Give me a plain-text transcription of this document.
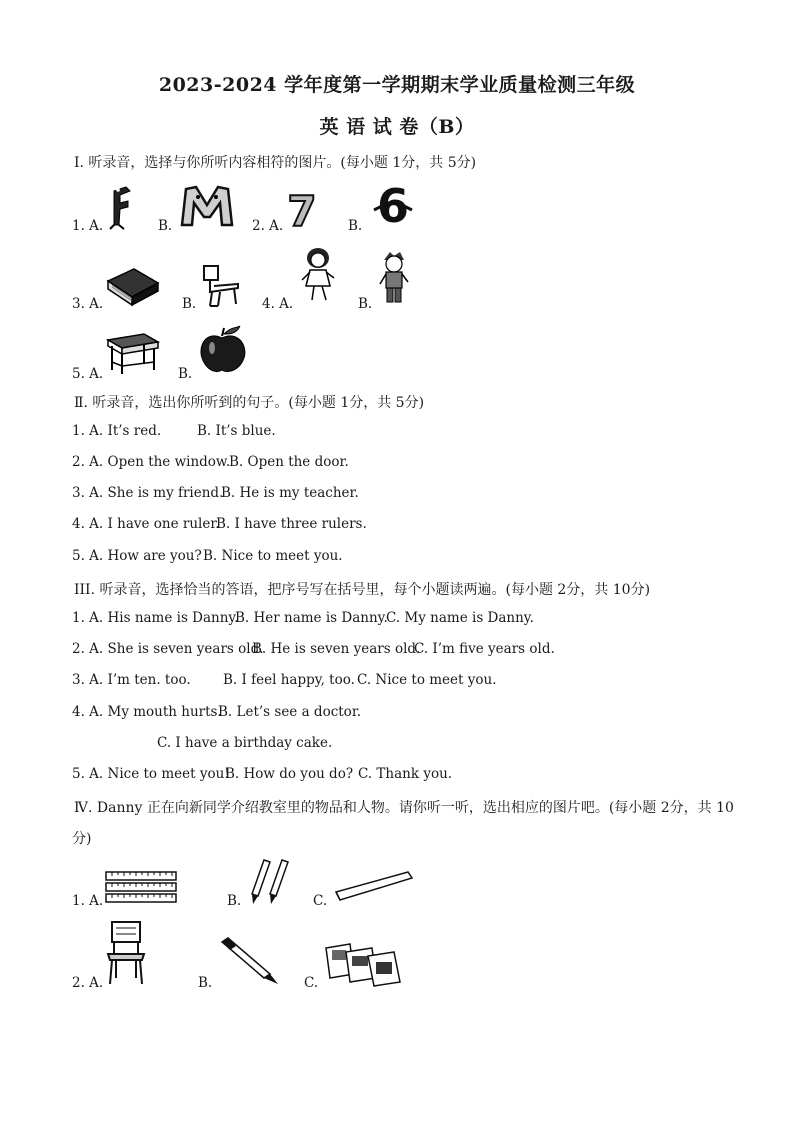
2023-2024 学年度第一学期期末学业质量检测三年级
英 语 试 卷（B）
Ⅰ. 听录音，选择与你所听内容相符的图片。(每小题 1分，共 5分)
1. A.	B.	2. A. 7 B. 6
3. A.	B.	4. A.	B.
5. A.	B.
Ⅱ. 听录音，选出你所听到的句子。(每小题 1分，共 5分)
1. A. It’s red.	B. It’s blue.
2. A. Open the window.
B. Open the door.
3. A. She is my friend.
B. He is my teacher.
4. A. I have one ruler.
B. I have three rulers.
5. A. How are you? B. Nice to meet you.
III. 听录音，选择恰当的答语，把序号写在括号里，每个小题读两遍。(每小题 2分，共 10分)
1. A. His name is Danny.
B. Her name is Danny.
C. My name is Danny.
2. A. She is seven years old.
B. He is seven years old.
C. I’m five years old.
3. A. I’m ten. too. B. I feel happy, too. C. Nice to meet you.
4. A. My mouth hurts.
B. Let’s see a doctor.
C. I have a birthday cake.
5. A. Nice to meet you!
B. How do you do? C. Thank you.
Ⅳ. Danny 正在向新同学介绍教室里的物品和人物。请你听一听，选出相应的图片吧。(每小题 2分，共 10
分)
1. A.	B.	C.
2. A.	B.	C.
